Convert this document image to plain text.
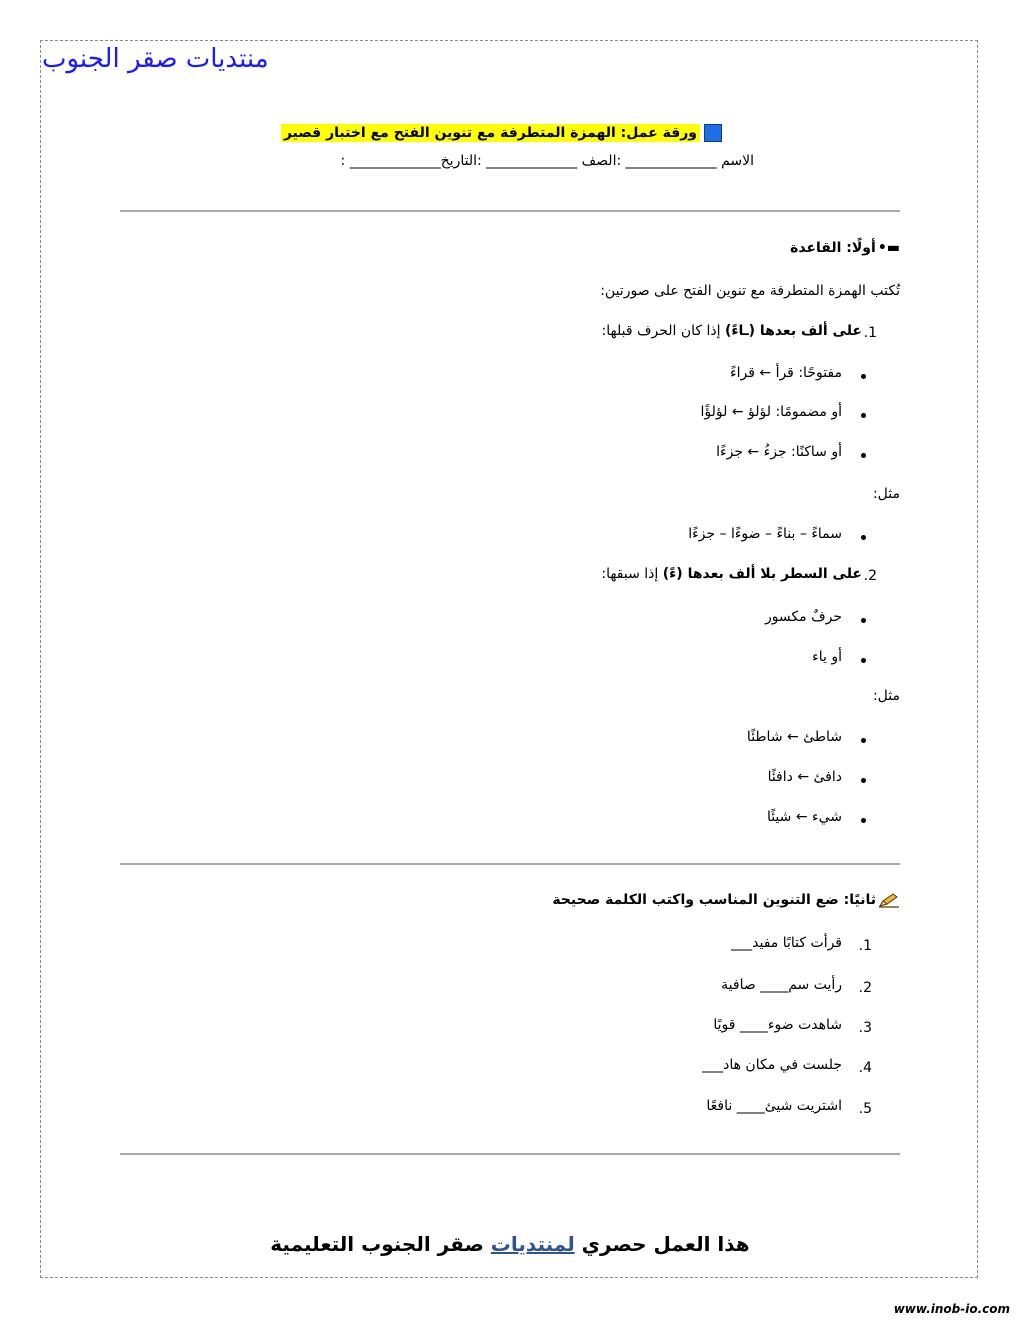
منتديات صقر الجنوب
ورقة عمل: الهمزة المتطرفة مع تنوين الفتح مع اختبار قصير
الاسم _____________ :الصف _____________ :التاريخ_____________ :
▬•أولًا: القاعدة
تُكتب الهمزة المتطرفة مع تنوين الفتح على صورتين:
.1
على ألف بعدها (ـاءً) إذا كان الحرف قبلها:
مفتوحًا: قرأ ← قراءً
أو مضمومًا: لؤلؤ ← لؤلؤًا
أو ساكنًا: جزءُ ← جزءًا
مثل:
سماءً – بناءً – ضوءًا – جزءًا
.2
على السطر بلا ألف بعدها (ءً) إذا سبقها:
حرفٌ مكسور
أو ياء
مثل:
شاطئ ← شاطئًا
دافئ ← دافئًا
شيء ← شيئًا
ثانيًا: ضع التنوين المناسب واكتب الكلمة صحيحة
.1
قرأت كتابًا مفيد___
.2
رأيت سم____ صافية
.3
شاهدت ضوء____ قويًا
.4
جلست في مكان هاد___
.5
اشتريت شيئ____ نافعًا
هذا العمل حصري لمنتديات صقر الجنوب التعليمية
www.inob-io.com
